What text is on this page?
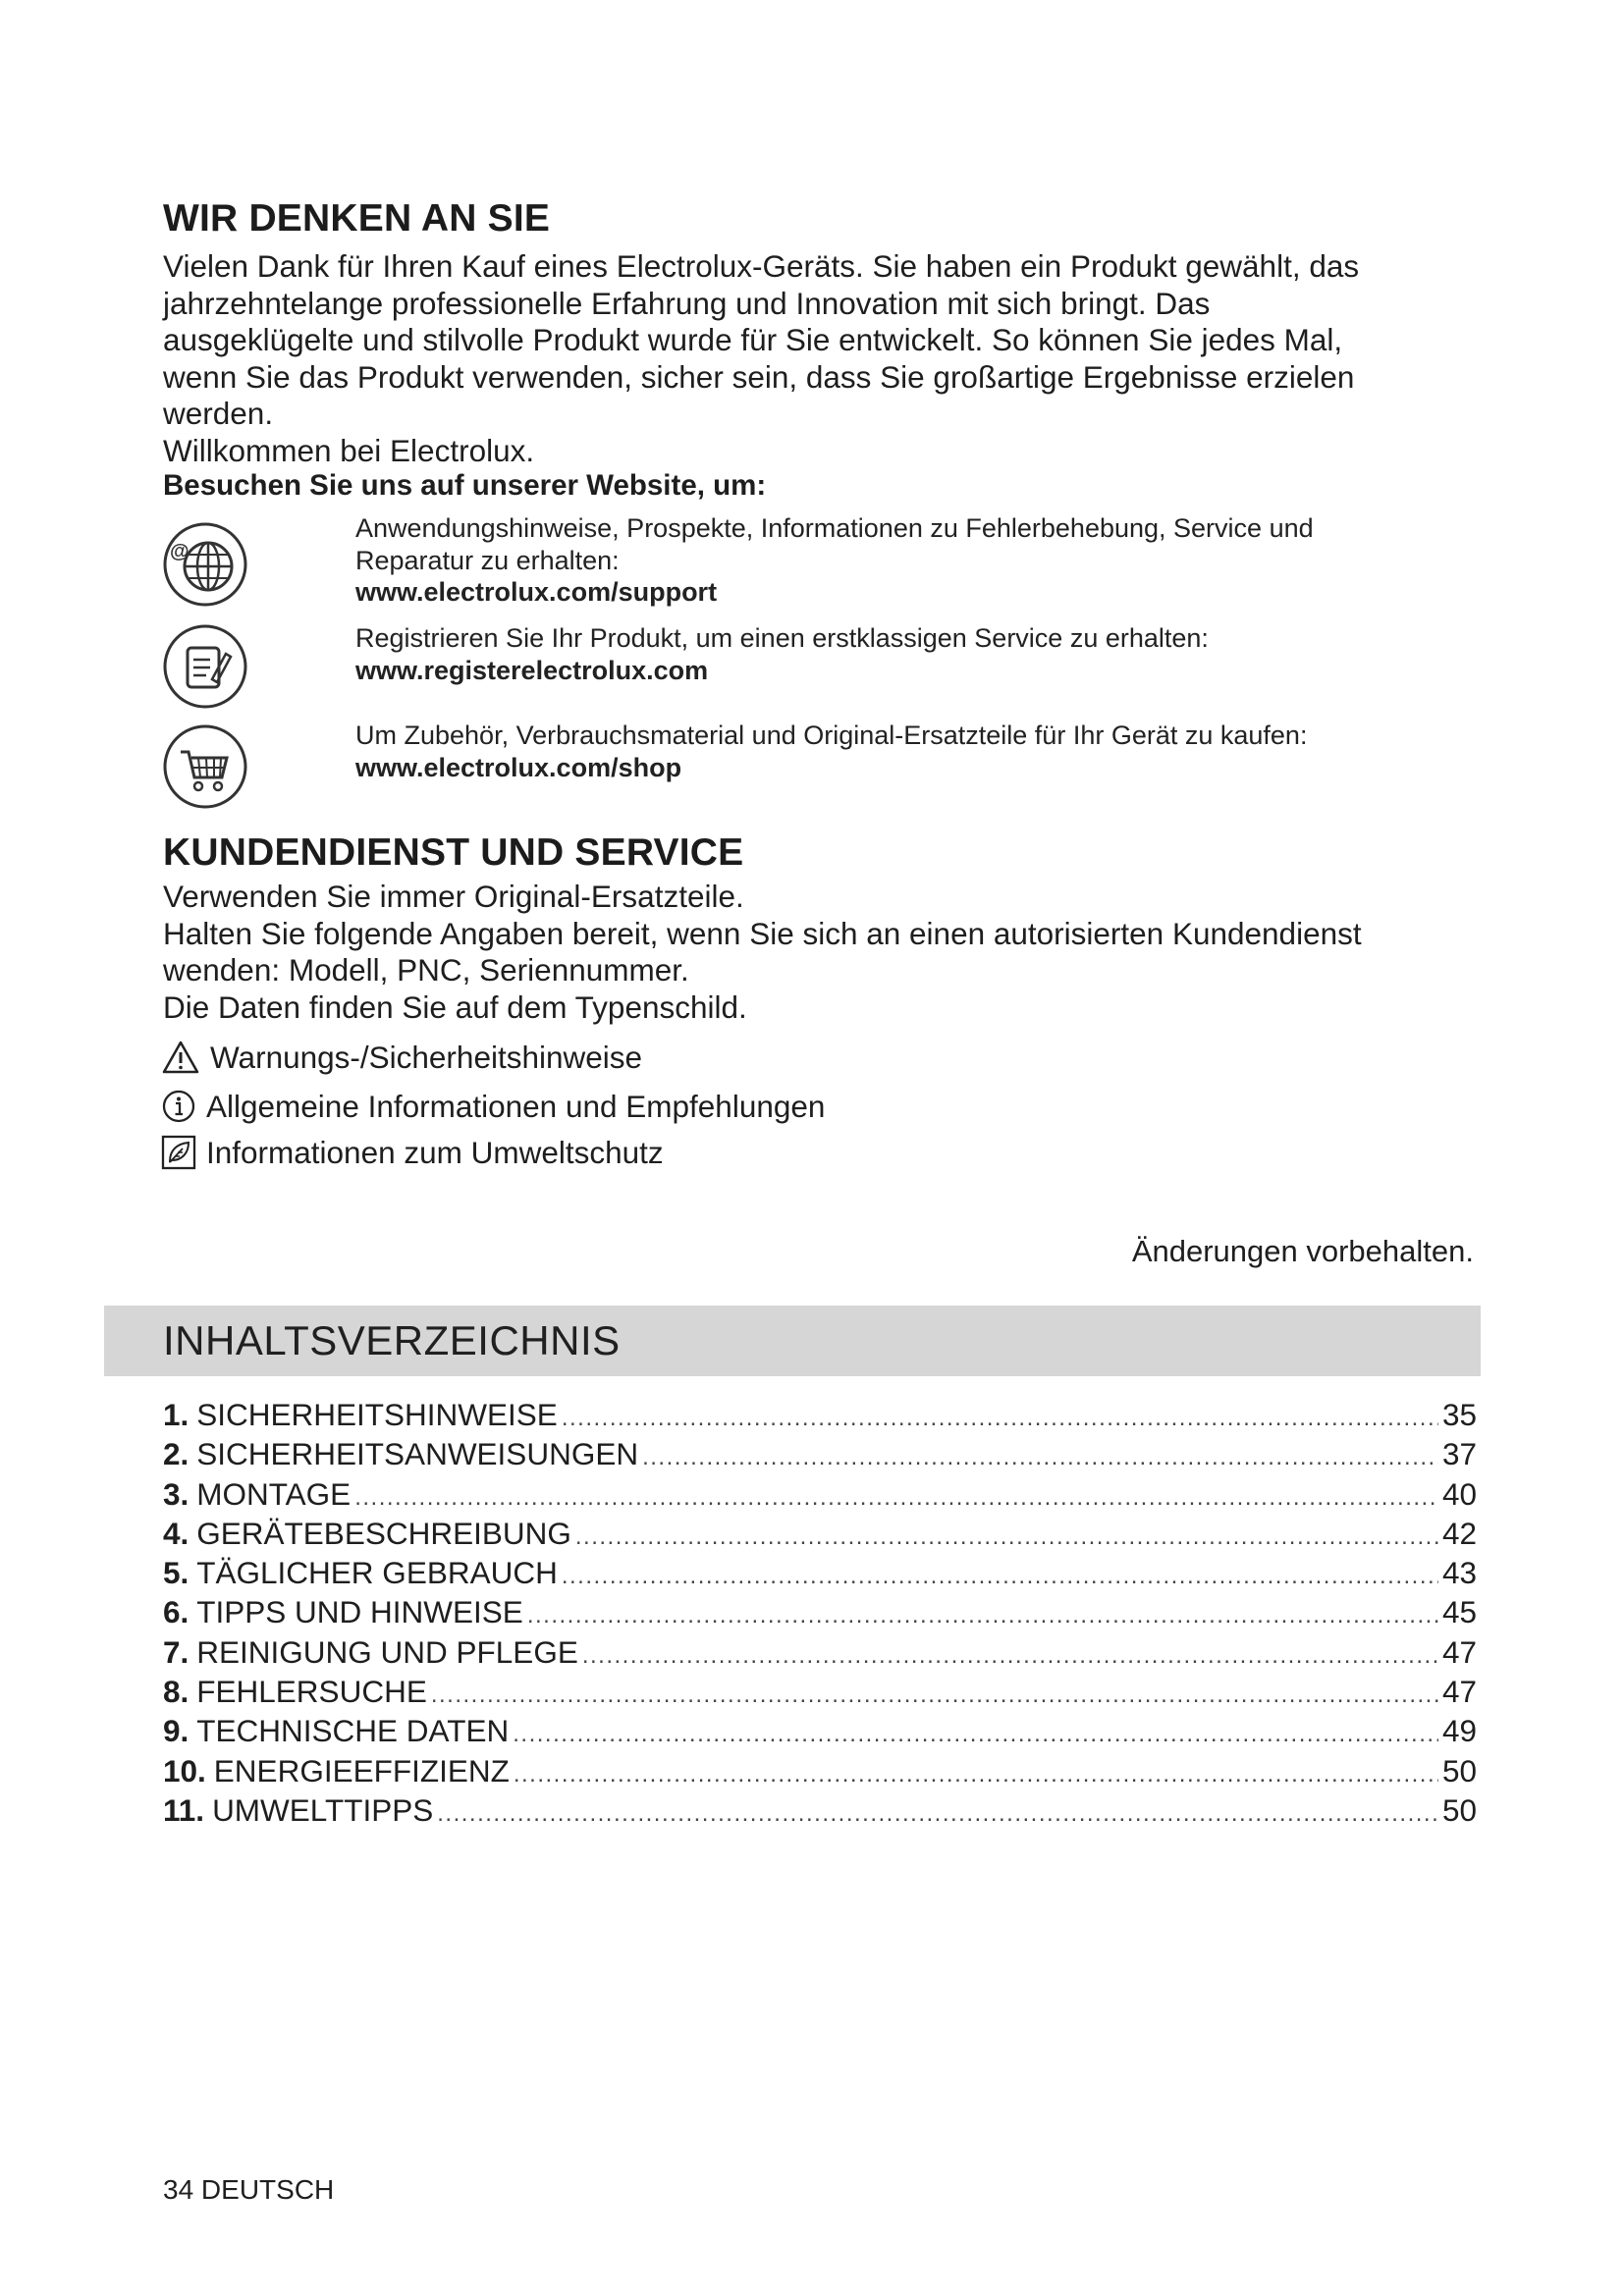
WIR DENKEN AN SIE

Vielen Dank für Ihren Kauf eines Electrolux-Geräts. Sie haben ein Produkt gewählt, das

jahrzehntelange professionelle Erfahrung und Innovation mit sich bringt. Das

ausgeklügelte und stilvolle Produkt wurde für Sie entwickelt. So können Sie jedes Mal,

wenn Sie das Produkt verwenden, sicher sein, dass Sie großartige Ergebnisse erzielen

werden.

Willkommen bei Electrolux.

Besuchen Sie uns auf unserer Website, um:

@
Anwendungshinweise, Prospekte, Informationen zu Fehlerbehebung, Service und
Reparatur zu erhalten:
www.electrolux.com/support
Registrieren Sie Ihr Produkt, um einen erstklassigen Service zu erhalten:
www.registerelectrolux.com
Um Zubehör, Verbrauchsmaterial und Original-Ersatzteile für Ihr Gerät zu kaufen:
www.electrolux.com/shop
KUNDENDIENST UND SERVICE

Verwenden Sie immer Original-Ersatzteile.

Halten Sie folgende Angaben bereit, wenn Sie sich an einen autorisierten Kundendienst

wenden: Modell, PNC, Seriennummer.

Die Daten finden Sie auf dem Typenschild.

Warnungs-/Sicherheitshinweise
Allgemeine Informationen und Empfehlungen
Informationen zum Umweltschutz

Änderungen vorbehalten.

INHALTSVERZEICHNIS
1. SICHERHEITSHINWEISE .....	35
2. SICHERHEITSANWEISUNGEN .....	37
3. MONTAGE .....	40
4. GERÄTEBESCHREIBUNG .....	42
5. TÄGLICHER GEBRAUCH .....	43
6. TIPPS UND HINWEISE .....	45
7. REINIGUNG UND PFLEGE .....	47
8. FEHLERSUCHE .....	47
9. TECHNISCHE DATEN .....	49
10. ENERGIEEFFIZIENZ .....	50
11. UMWELTTIPPS .....	50

34 DEUTSCH
